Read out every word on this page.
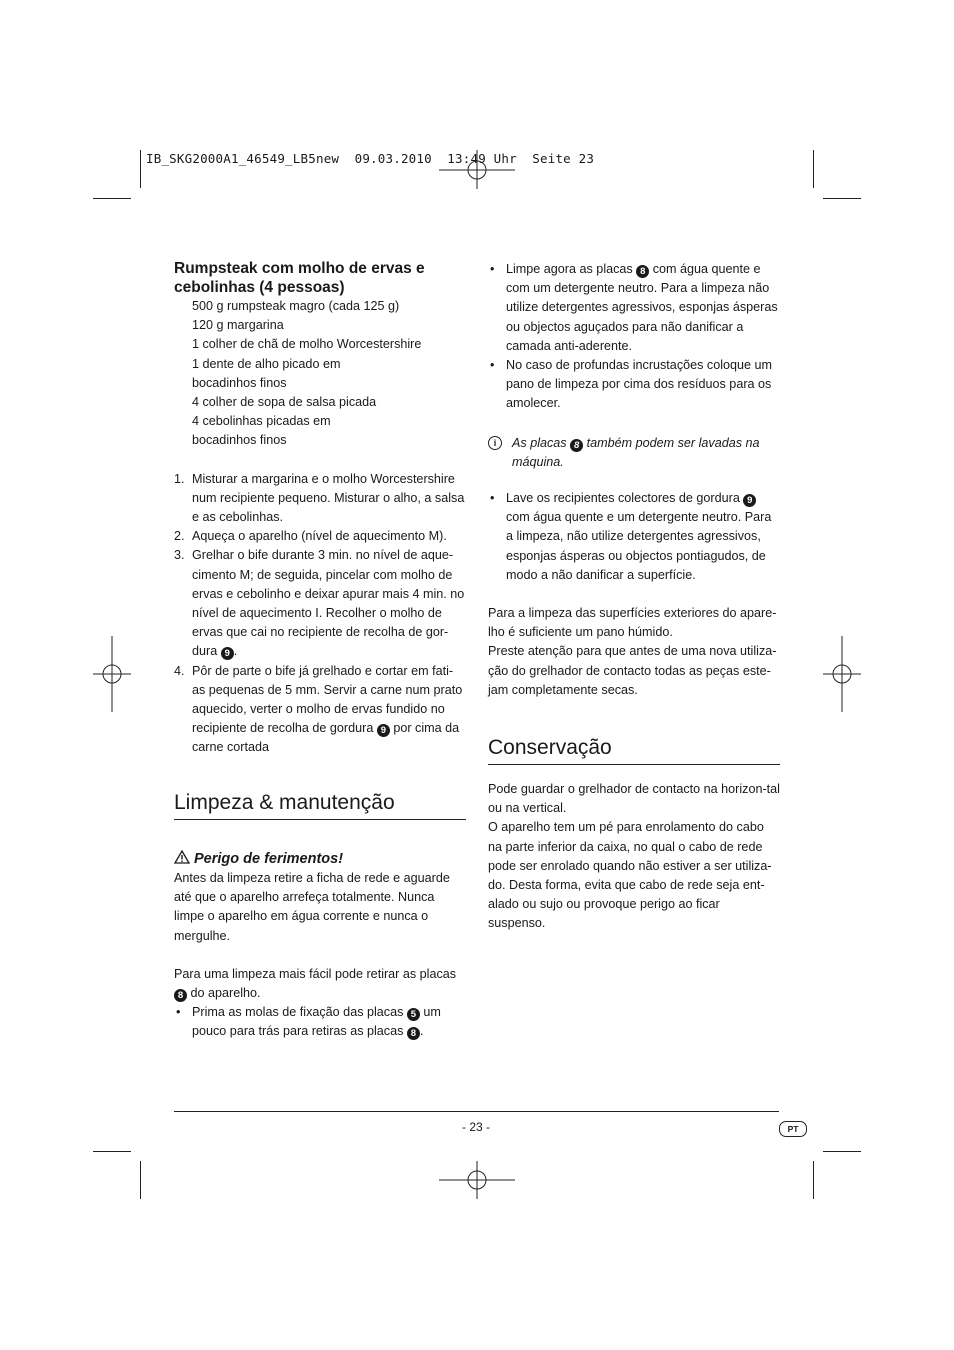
IB_SKG2000A1_46549_LB5new  09.03.2010  13:49 Uhr  Seite 23

Rumpsteak com molho de ervas e cebolinhas (4 pessoas)

500 g rumpsteak magro (cada 125 g)

120 g margarina

1 colher de chã de molho Worcestershire

1 dente de alho picado em

bocadinhos finos

4 colher de sopa de salsa picada

4 cebolinhas picadas em

bocadinhos finos

1. Misturar a margarina e o molho Worcestershire num recipiente pequeno. Misturar o alho, a salsa e as cebolinhas.
2. Aqueça o aparelho (nível de aquecimento M).
3. Grelhar o bife durante 3 min. no nível de aque-cimento M; de seguida, pincelar com molho de ervas e cebolinho e deixar apurar mais 4 min. no nível de aquecimento I. Recolher o molho de ervas que cai no recipiente de recolha de gor-dura 9 .
4. Pôr de parte o bife já grelhado e cortar em fati-as pequenas de 5 mm. Servir a carne num prato aquecido, verter o molho de ervas fundido no recipiente de recolha de gordura 9 por cima da carne cortada
Limpeza & manutenção

Perigo de ferimentos!

Antes da limpeza retire a ficha de rede e aguarde até que o aparelho arrefeça totalmente. Nunca limpe o aparelho em água corrente e nunca o mergulhe.

Para uma limpeza mais fácil pode retirar as placas 8 do aparelho.

• Prima as molas de fixação das placas 5 um pouco para trás para retiras as placas 8 .
• Limpe agora as placas 8 com água quente e com um detergente neutro. Para a limpeza não utilize detergentes agressivos, esponjas ásperas ou objectos aguçados para não danificar a camada anti-aderente.
• No caso de profundas incrustações coloque um pano de limpeza por cima dos resíduos para os amolecer.

i	As placas 8 também podem ser lavadas na máquina.

• Lave os recipientes colectores de gordura 9 com água quente e um detergente neutro. Para a limpeza, não utilize detergentes agressivos, esponjas ásperas ou objectos pontiagudos, de modo a não danificar a superfície.

Para a limpeza das superfícies exteriores do apare-lho é suficiente um pano húmido.

Preste atenção para que antes de uma nova utiliza-ção do grelhador de contacto todas as peças este-jam completamente secas.

Conservação

Pode guardar o grelhador de contacto na horizon-tal ou na vertical.

O aparelho tem um pé para enrolamento do cabo na parte inferior da caixa, no qual o cabo de rede pode ser enrolado quando não estiver a ser utiliza-do. Desta forma, evita que cabo de rede seja ent-alado ou sujo ou provoque perigo ao ficar suspenso.

- 23 -	PT
